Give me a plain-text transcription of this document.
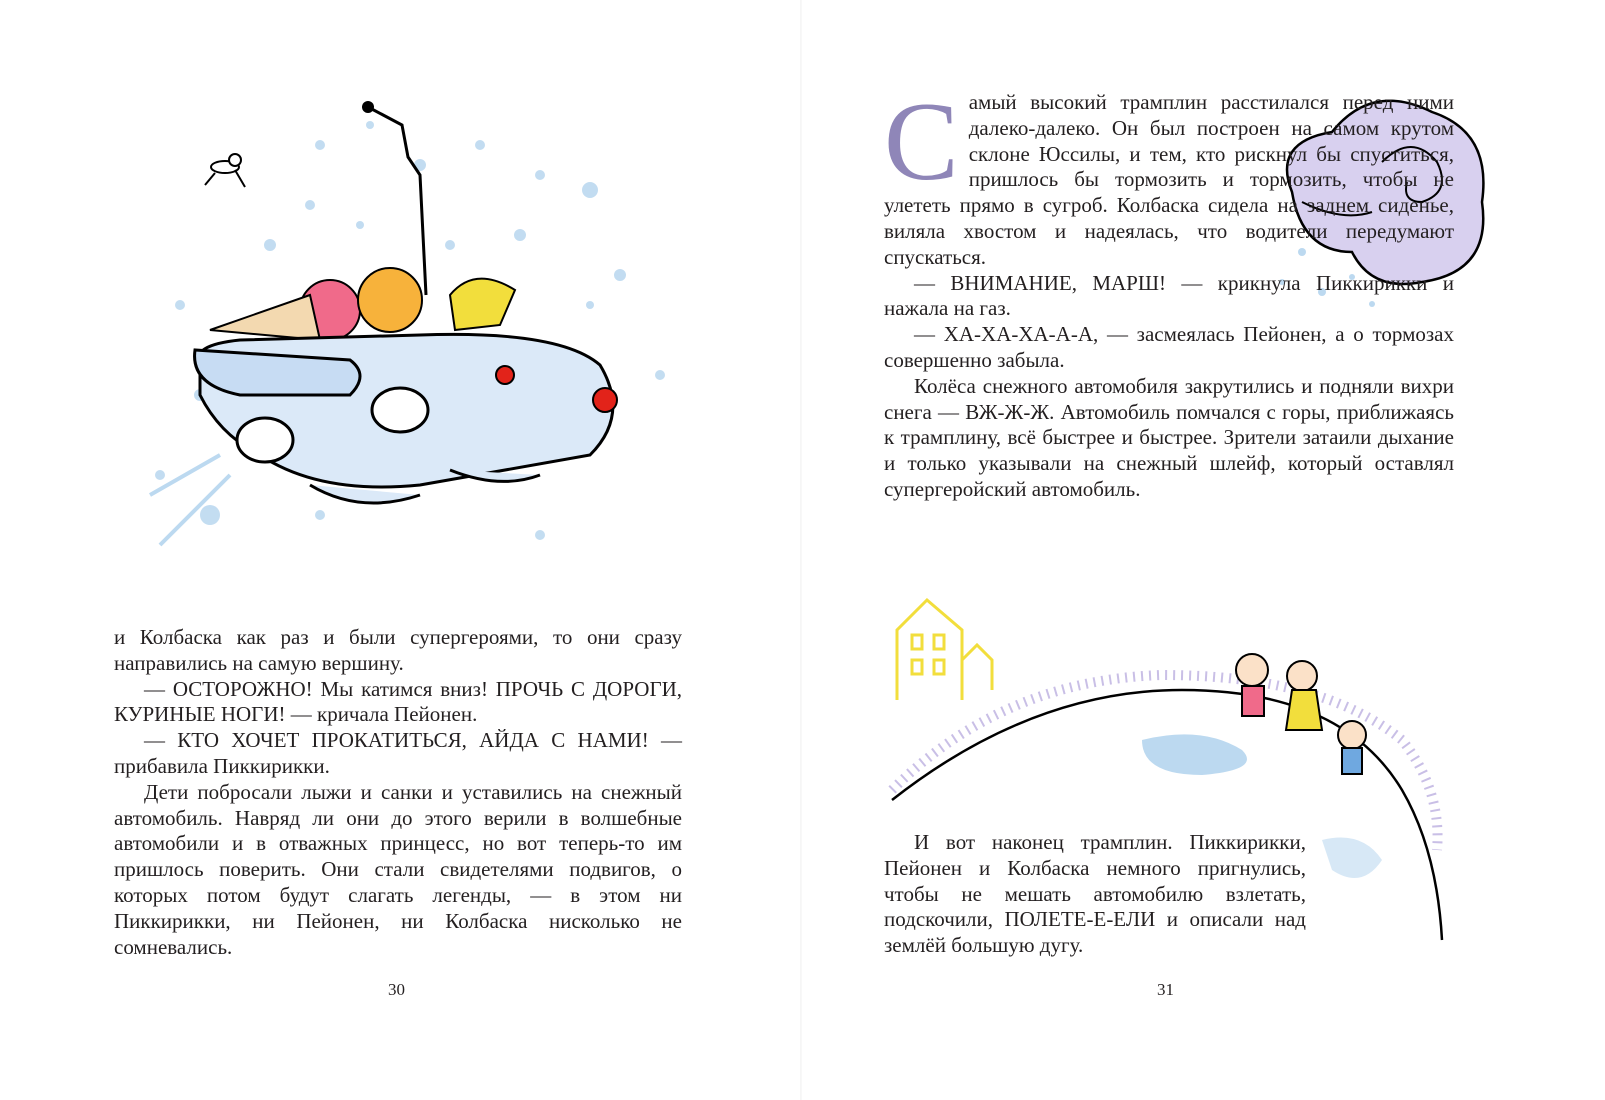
и Колбаска как раз и были супергероями, то они сразу направились на самую вершину.

— ОСТОРОЖНО! Мы катимся вниз! ПРОЧЬ С ДОРОГИ, КУРИНЫЕ НОГИ! — кричала Пейонен.

— КТО ХОЧЕТ ПРОКАТИТЬСЯ, АЙДА С НАМИ! — прибавила Пиккирикки.

Дети побросали лыжи и санки и уставились на снежный автомобиль. Навряд ли они до этого верили в волшебные автомобили и в отважных принцесс, но вот теперь-то им пришлось поверить. Они стали свидетелями подвигов, о которых потом будут слагать легенды, — в этом ни Пиккирикки, ни Пейонен, ни Колбаска нисколько не сомневались.

30

Самый высокий трамплин расстилался перед ними далеко-далеко. Он был построен на самом крутом склоне Юссилы, и тем, кто рискнул бы спуститься, пришлось бы тормозить и тормозить, чтобы не улететь прямо в сугроб. Колбаска сидела на заднем сиденье, виляла хвостом и надеялась, что водители передумают спускаться.

— ВНИМАНИЕ, МАРШ! — крикнула Пиккирикки и нажала на газ.

— ХА-ХА-ХА-А-А, — засмеялась Пейонен, а о тормозах совершенно забыла.

Колёса снежного автомобиля закрутились и подняли вихри снега — ВЖ-Ж-Ж. Автомобиль помчался с горы, приближаясь к трамплину, всё быстрее и быстрее. Зрители затаили дыхание и только указывали на снежный шлейф, который оставлял супергеройский автомобиль.

И вот наконец трамплин. Пиккирикки, Пейонен и Колбаска немного пригнулись, чтобы не мешать автомобилю взлетать, подскочили, ПОЛЕТЕ-Е-ЕЛИ и описали над землёй большую дугу.

31
